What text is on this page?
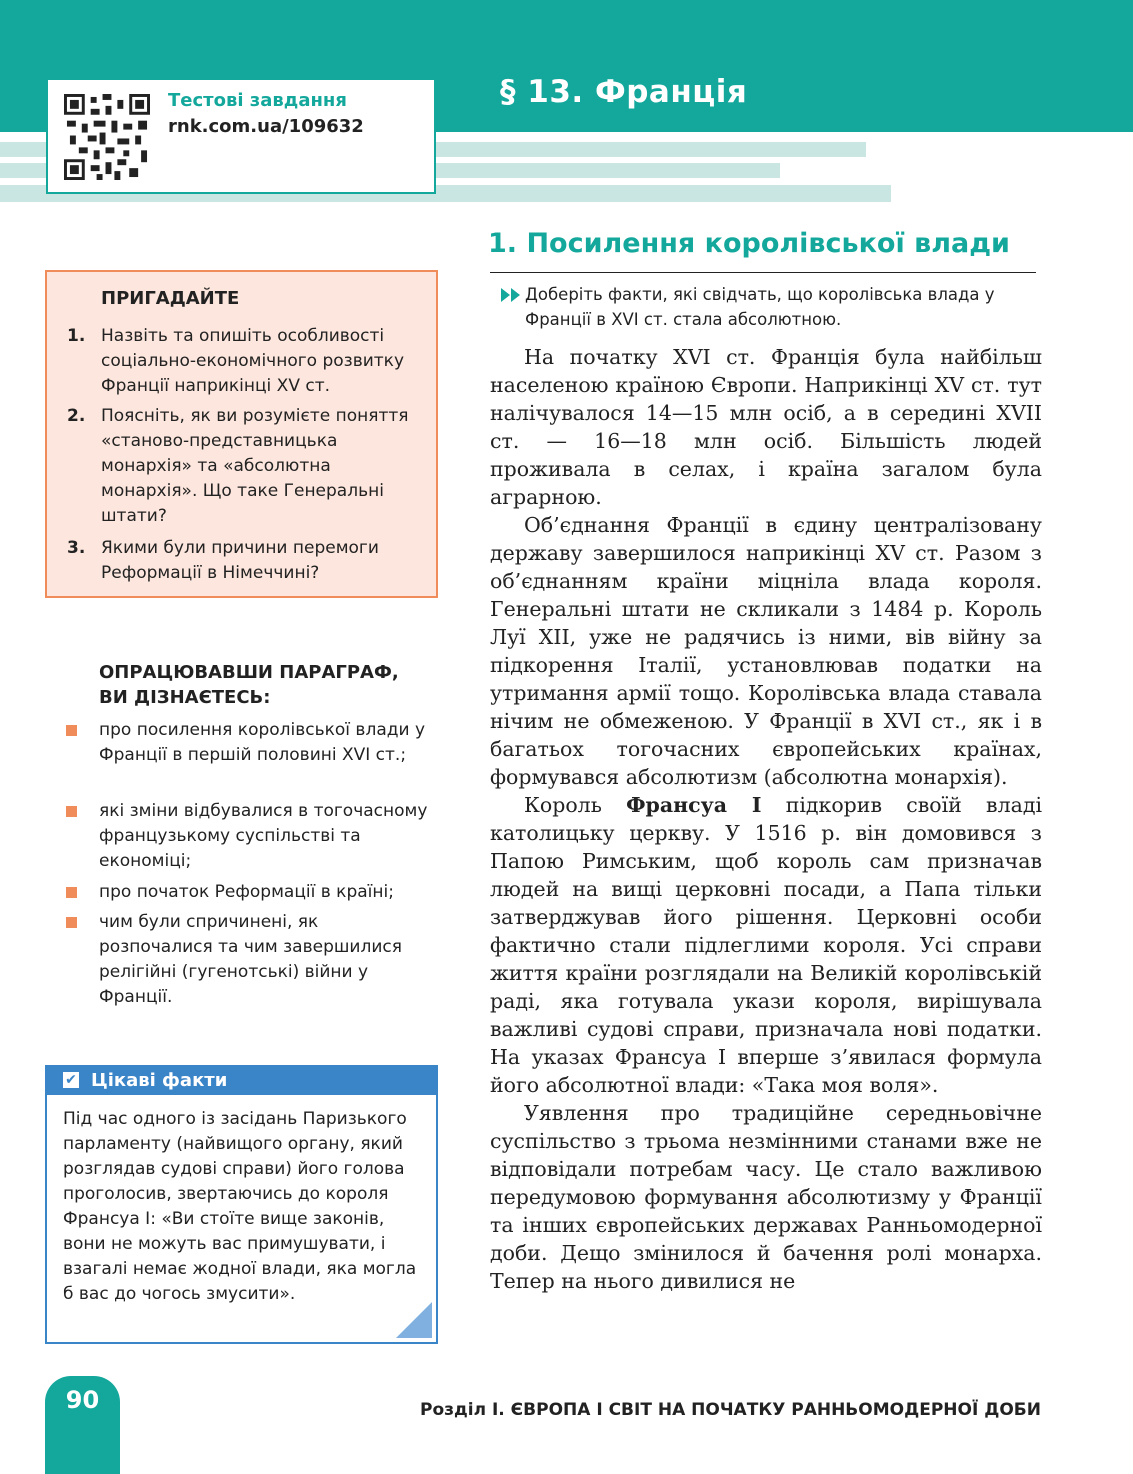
Тестові завдання
rnk.com.ua/109632
§ 13. Франція
ПРИГАДАЙТЕ
1. Назвіть та опишіть особливості соціально-економічного розвитку Франції наприкінці XV ст.
2. Поясніть, як ви розумієте поняття «станово-представницька монархія» та «абсолютна монархія». Що таке Генеральні штати?
3. Якими були причини перемоги Реформації в Німеччині?
ОПРАЦЮВАВШИ ПАРАГРАФ, ВИ ДІЗНАЄТЕСЬ:
про посилення королівської влади у Франції в першій половині XVI ст.;
які зміни відбувалися в тогочасному французькому суспільстві та економіці;
про початок Реформації в країні;
чим були спричинені, як розпочалися та чим завершилися релігійні (гугенотські) війни у Франції.
✔ Цікаві факти
Під час одного із засідань Паризького парламенту (найвищого органу, який розглядав судові справи) його голова проголосив, звертаючись до короля Франсуа I: «Ви стоїте вище законів, вони не можуть вас примушувати, і взагалі немає жодної влади, яка могла б вас до чогось змусити».
1. Посилення королівської влади
Доберіть факти, які свідчать, що королівська влада у Франції в XVI ст. стала абсолютною.

На початку XVI ст. Франція була найбільш населеною країною Європи. Наприкінці XV ст. тут налічувалося 14—15 млн осіб, а в середині XVII ст. — 16—18 млн осіб. Більшість людей проживала в селах, і країна загалом була аграрною.

Об’єднання Франції в єдину централізовану державу завершилося наприкінці XV ст. Разом з об’єднанням країни міцніла влада короля. Генеральні штати не скликали з 1484 р. Король Луї XII, уже не радячись із ними, вів війну за підкорення Італії, установлював податки на утримання армії тощо. Королівська влада ставала нічим не обмеженою. У Франції в XVI ст., як і в багатьох тогочасних європейських країнах, формувався абсолютизм (абсолютна монархія).

Король Франсуа I підкорив своїй владі католицьку церкву. У 1516 р. він домовився з Папою Римським, щоб король сам призначав людей на вищі церковні посади, а Папа тільки затверджував його рішення. Церковні особи фактично стали підлеглими короля. Усі справи життя країни розглядали на Великій королівській раді, яка готувала укази короля, вирішувала важливі судові справи, призначала нові податки. На указах Франсуа I вперше з’явилася формула його абсолютної влади: «Така моя воля».

Уявлення про традиційне середньовічне суспільство з трьома незмінними станами вже не відповідали потребам часу. Це стало важливою передумовою формування абсолютизму у Франції та інших європейських державах Ранньомодерної доби. Дещо змінилося й бачення ролі монарха. Тепер на нього дивилися не

90	Розділ I. ЄВРОПА І СВІТ НА ПОЧАТКУ РАННЬОМОДЕРНОЇ ДОБИ
